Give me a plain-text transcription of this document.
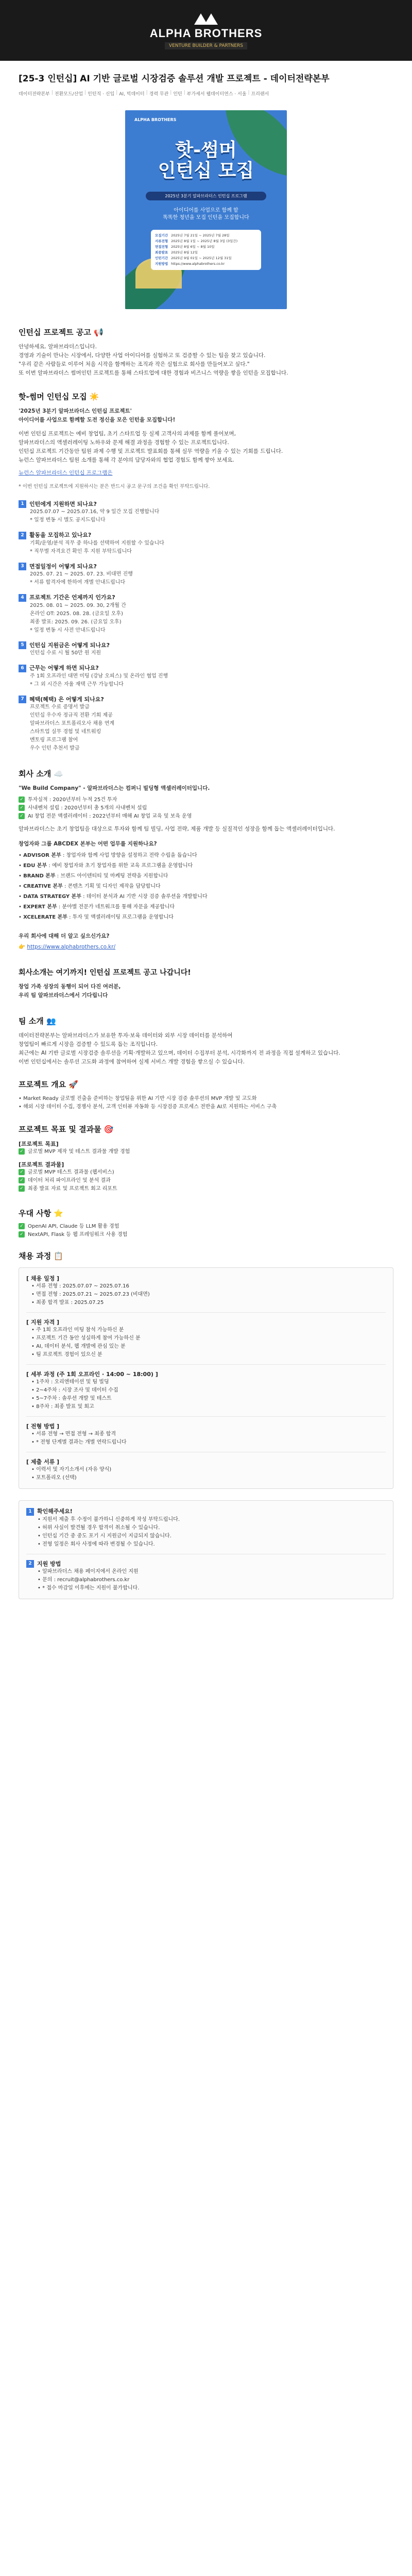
ALPHA BROTHERS
VENTURE BUILDER & PARTNERS
[25-3 인턴십] AI 기반 글로벌 시장검증 솔루션 개발 프로젝트 - 데이터전략본부
데이터전략본부 | 전환모드/산업 | 인턴직 · 신입 | AI, 빅데이터 | 경력 무관 | 인턴 | 부가세서 웹데이터연스 · 서울 | 프리랜서
ALPHA BROTHERS
핫-썸머
인턴십 모집
2025년 3분기 알파브라더스 인턴십 프로그램
아이디어를 사업으로 함께 할
똑똑한 청년을 모집 인턴을 모집합니다
모집기간 2025년 7월 21일 ~ 2025년 7월 28일
서류전형 2025년 8월 1일 ~ 2025년 8월 3일 (3일간)
면접전형 2025년 8월 6일 ~ 8월 10일
최종발표 2025년 8월 12일
인턴기간 2025년 9월 01일 ~ 2025년 12월 31일
지원방법 https://www.alphabrothers.co.kr
인턴십 프로젝트 공고 📢

안녕하세요. 알파브라더스입니다.

경영과 기술이 만나는 시장에서, 다양한 사업 아이디어를 실험하고 또 검증할 수 있는 팀을 찾고 있습니다.

"우리 같은 사람들로 이루어 처음 시작을 함께하는 조직과 작은 실험으로 회사를 만들어보고 싶다."

또 이번 알파브라더스 썸머인턴 프로젝트를 통해 스타트업에 대한 경험과 비즈니스 역량을 쌓을 인턴을 모집합니다.

핫-썸머 인턴십 모집 ☀️

'2025년 3분기 알파브라더스 인턴십 프로젝트'

아이디어를 사업으로 함께할 도전 정신을 모은 인턴을 모집합니다!

이번 인턴십 프로젝트는 예비 창업팀, 초기 스타트업 등 실제 고객사의 과제를 함께 풀어보며,

알파브라더스의 액셀러레이팅 노하우와 문제 해결 과정을 경험할 수 있는 프로젝트입니다.

인턴십 프로젝트 기간동안 팀원 과제 수행 및 프로젝트 발표회를 통해 실무 역량을 키울 수 있는 기회를 드립니다.

뉴런스 알파브라더스 팀원 소개를 통해 각 분야의 담당자와의 협업 경험도 함께 쌓아 보세요.

뉴런스 알파브라더스 인턴십 프로그램은

* 이번 인턴십 프로젝트에 지원하시는 분은 반드시 공고 문구의 조건을 확인 부탁드립니다.

1 인턴에게 지원하면 되나요?

2025.07.07 ~ 2025.07.16, 약 9 일간 모집 진행합니다

* 일정 변동 시 별도 공지드립니다

2 활동을 모집하고 있나요?

기획/운영/분석 직무 중 하나를 선택하여 지원할 수 있습니다

* 직무별 자격요건 확인 후 지원 부탁드립니다

3 면접일정이 어떻게 되나요?

2025. 07. 21 ~ 2025. 07. 23. 비대면 진행

* 서류 합격자에 한하여 개별 안내드립니다

4 프로젝트 기간은 언제까지 인가요?

2025. 08. 01 ~ 2025. 09. 30, 2개월 간

온라인 OT: 2025. 08. 28. (금요일 오후)

최종 발표: 2025. 09. 26. (금요일 오후)

* 일정 변동 시 사전 안내드립니다

5 인턴십 지원금은 어떻게 되나요?

인턴십 수료 시 월 50만 원 지원

6 근무는 어떻게 하면 되나요?

주 1회 오프라인 대면 미팅 (강남 오피스) 및 온라인 협업 진행

* 그 외 시간은 자율 재택 근무 가능합니다

7 혜택(혜택) 은 어떻게 되나요?

프로젝트 수료 증명서 발급

인턴십 우수자 정규직 전환 기회 제공

알파브라더스 포트폴리오사 채용 연계

스타트업 실무 경험 및 네트워킹

멘토링 프로그램 참여

우수 인턴 추천서 발급

회사 소개 ☁️

"We Build Company" - 알파브라더스는 컴퍼니 빌딩형 액셀러레이터입니다.

✓ 투자실적 : 2020년부터 누적 25건 투자

✓ 사내벤처 설립 : 2020년부터 총 5개의 사내벤처 설립

✓ AI 창업 전문 액셀러레이터 : 2022년부터 매해 AI 창업 교육 및 보육 운영

알파브라더스는 초기 창업팀을 대상으로 투자와 함께 팀 빌딩, 사업 전략, 제품 개발 등 실질적인 성장을 함께 돕는 액셀러레이터입니다.

창업자와 그룹 ABCDEX 본부는 어떤 업무를 지원하나요?

• ADVISOR 본부 : 창업자와 함께 사업 방향을 설정하고 전략 수립을 돕습니다

• EDU 본부 : 예비 창업자와 초기 창업자를 위한 교육 프로그램을 운영합니다

• BRAND 본부 : 브랜드 아이덴티티 및 마케팅 전략을 지원합니다

• CREATIVE 본부 : 콘텐츠 기획 및 디자인 제작을 담당합니다

• DATA STRATEGY 본부 : 데이터 분석과 AI 기반 시장 검증 솔루션을 개발합니다

• EXPERT 본부 : 분야별 전문가 네트워크를 통해 자문을 제공합니다

• XCELERATE 본부 : 투자 및 액셀러레이팅 프로그램을 운영합니다

우리 회사에 대해 더 알고 싶으신가요?

👉 https://www.alphabrothers.co.kr/

회사소개는 여기까지! 인턴십 프로젝트 공고 나갑니다!

창업 가족 성장의 동행이 되어 다진 여러분,

우리 팀 알파브라더스에서 기다립니다

팀 소개 👥

데이터전략본부는 알파브라더스가 보유한 투자·보육 데이터와 외부 시장 데이터를 분석하여

창업팀이 빠르게 시장을 검증할 수 있도록 돕는 조직입니다.

최근에는 AI 기반 글로벌 시장검증 솔루션을 기획·개발하고 있으며, 데이터 수집부터 분석, 시각화까지 전 과정을 직접 설계하고 있습니다.

이번 인턴십에서는 솔루션 고도화 과정에 참여하여 실제 서비스 개발 경험을 쌓으실 수 있습니다.

프로젝트 개요 🚀

• Market Ready 글로벌 진출을 준비하는 창업팀을 위한 AI 기반 시장 검증 솔루션의 MVP 개발 및 고도화

• 해외 시장 데이터 수집, 경쟁사 분석, 고객 인터뷰 자동화 등 시장검증 프로세스 전반을 AI로 지원하는 서비스 구축

프로젝트 목표 및 결과물 🎯

[프로젝트 목표]

✓ 글로벌 MVP 제작 및 테스트 결과물 개발 경험

[프로젝트 결과물]

✓ 글로벌 MVP 테스트 결과물 (웹서비스)

✓ 데이터 처리 파이프라인 및 분석 결과

✓ 최종 발표 자료 및 프로젝트 회고 리포트

우대 사항 ⭐

✓ OpenAI API, Claude 등 LLM 활용 경험

✓ NextAPI, Flask 등 웹 프레임워크 사용 경험

채용 과정 📋

[ 채용 일정 ]

• 서류 전형 : 2025.07.07 ~ 2025.07.16

• 면접 전형 : 2025.07.21 ~ 2025.07.23 (비대면)

• 최종 합격 발표 : 2025.07.25

[ 지원 자격 ]

• 주 1회 오프라인 미팅 참석 가능하신 분

• 프로젝트 기간 동안 성실하게 참여 가능하신 분

• AI, 데이터 분석, 웹 개발에 관심 있는 분

• 팀 프로젝트 경험이 있으신 분

[ 세부 과정 (주 1회 오프라인 · 14:00 ~ 18:00) ]

• 1주차 : 오리엔테이션 및 팀 빌딩

• 2~4주차 : 시장 조사 및 데이터 수집

• 5~7주차 : 솔루션 개발 및 테스트

• 8주차 : 최종 발표 및 회고

[ 전형 방법 ]

• 서류 전형 → 면접 전형 → 최종 합격

• * 전형 단계별 결과는 개별 연락드립니다

[ 제출 서류 ]

• 이력서 및 자기소개서 (자유 양식)

• 포트폴리오 (선택)

1 확인해주세요!

• 지원서 제출 후 수정이 불가하니 신중하게 작성 부탁드립니다.

• 허위 사실이 발견될 경우 합격이 취소될 수 있습니다.

• 인턴십 기간 중 중도 포기 시 지원금이 지급되지 않습니다.

• 전형 일정은 회사 사정에 따라 변경될 수 있습니다.

2 지원 방법

• 알파브라더스 채용 페이지에서 온라인 지원

• 문의 : recruit@alphabrothers.co.kr

• * 접수 마감일 이후에는 지원이 불가합니다.
